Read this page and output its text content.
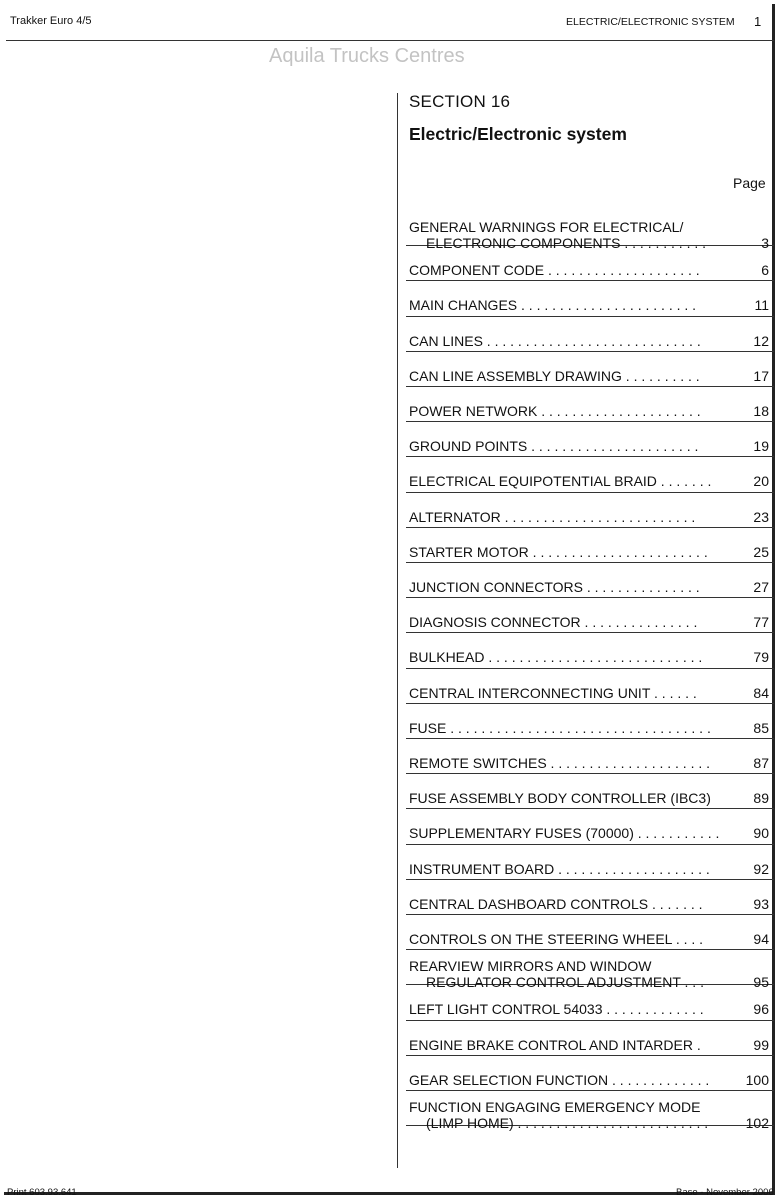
Trakker Euro 4/5	ELECTRIC/ELECTRONIC SYSTEM 1
Aquila Trucks Centres
SECTION 16
Electric/Electronic system
Page
GENERAL WARNINGS FOR ELECTRICAL/
ELECTRONIC COMPONENTS . . . . . . . . . . .	3
COMPONENT CODE . . . . . . . . . . . . . . . . . . . .	6
MAIN CHANGES . . . . . . . . . . . . . . . . . . . . . . .	11
CAN LINES . . . . . . . . . . . . . . . . . . . . . . . . . . . .	12
CAN LINE ASSEMBLY DRAWING . . . . . . . . . .	17
POWER NETWORK . . . . . . . . . . . . . . . . . . . . .	18
GROUND POINTS . . . . . . . . . . . . . . . . . . . . . .	19
ELECTRICAL EQUIPOTENTIAL BRAID . . . . . . .	20
ALTERNATOR . . . . . . . . . . . . . . . . . . . . . . . . .	23
STARTER MOTOR . . . . . . . . . . . . . . . . . . . . . . .	25
JUNCTION CONNECTORS . . . . . . . . . . . . . . .	27
DIAGNOSIS CONNECTOR . . . . . . . . . . . . . . .	77
BULKHEAD . . . . . . . . . . . . . . . . . . . . . . . . . . . .	79
CENTRAL INTERCONNECTING UNIT . . . . . .	84
FUSE . . . . . . . . . . . . . . . . . . . . . . . . . . . . . . . . . .	85
REMOTE SWITCHES . . . . . . . . . . . . . . . . . . . . .	87
FUSE ASSEMBLY BODY CONTROLLER (IBC3)	89
SUPPLEMENTARY FUSES (70000) . . . . . . . . . . . 90
INSTRUMENT BOARD . . . . . . . . . . . . . . . . . . . .	92
CENTRAL DASHBOARD CONTROLS . . . . . . .	93
CONTROLS ON THE STEERING WHEEL . . . .	94
REARVIEW MIRRORS AND WINDOW
REGULATOR CONTROL ADJUSTMENT . . .	95
LEFT LIGHT CONTROL 54033 . . . . . . . . . . . . .	96
ENGINE BRAKE CONTROL AND INTARDER .	99
GEAR SELECTION FUNCTION . . . . . . . . . . . . .	100
FUNCTION ENGAGING EMERGENCY MODE
(LIMP HOME) . . . . . . . . . . . . . . . . . . . . . . . . .	102
Print 603.93.641	Base - November 2006
